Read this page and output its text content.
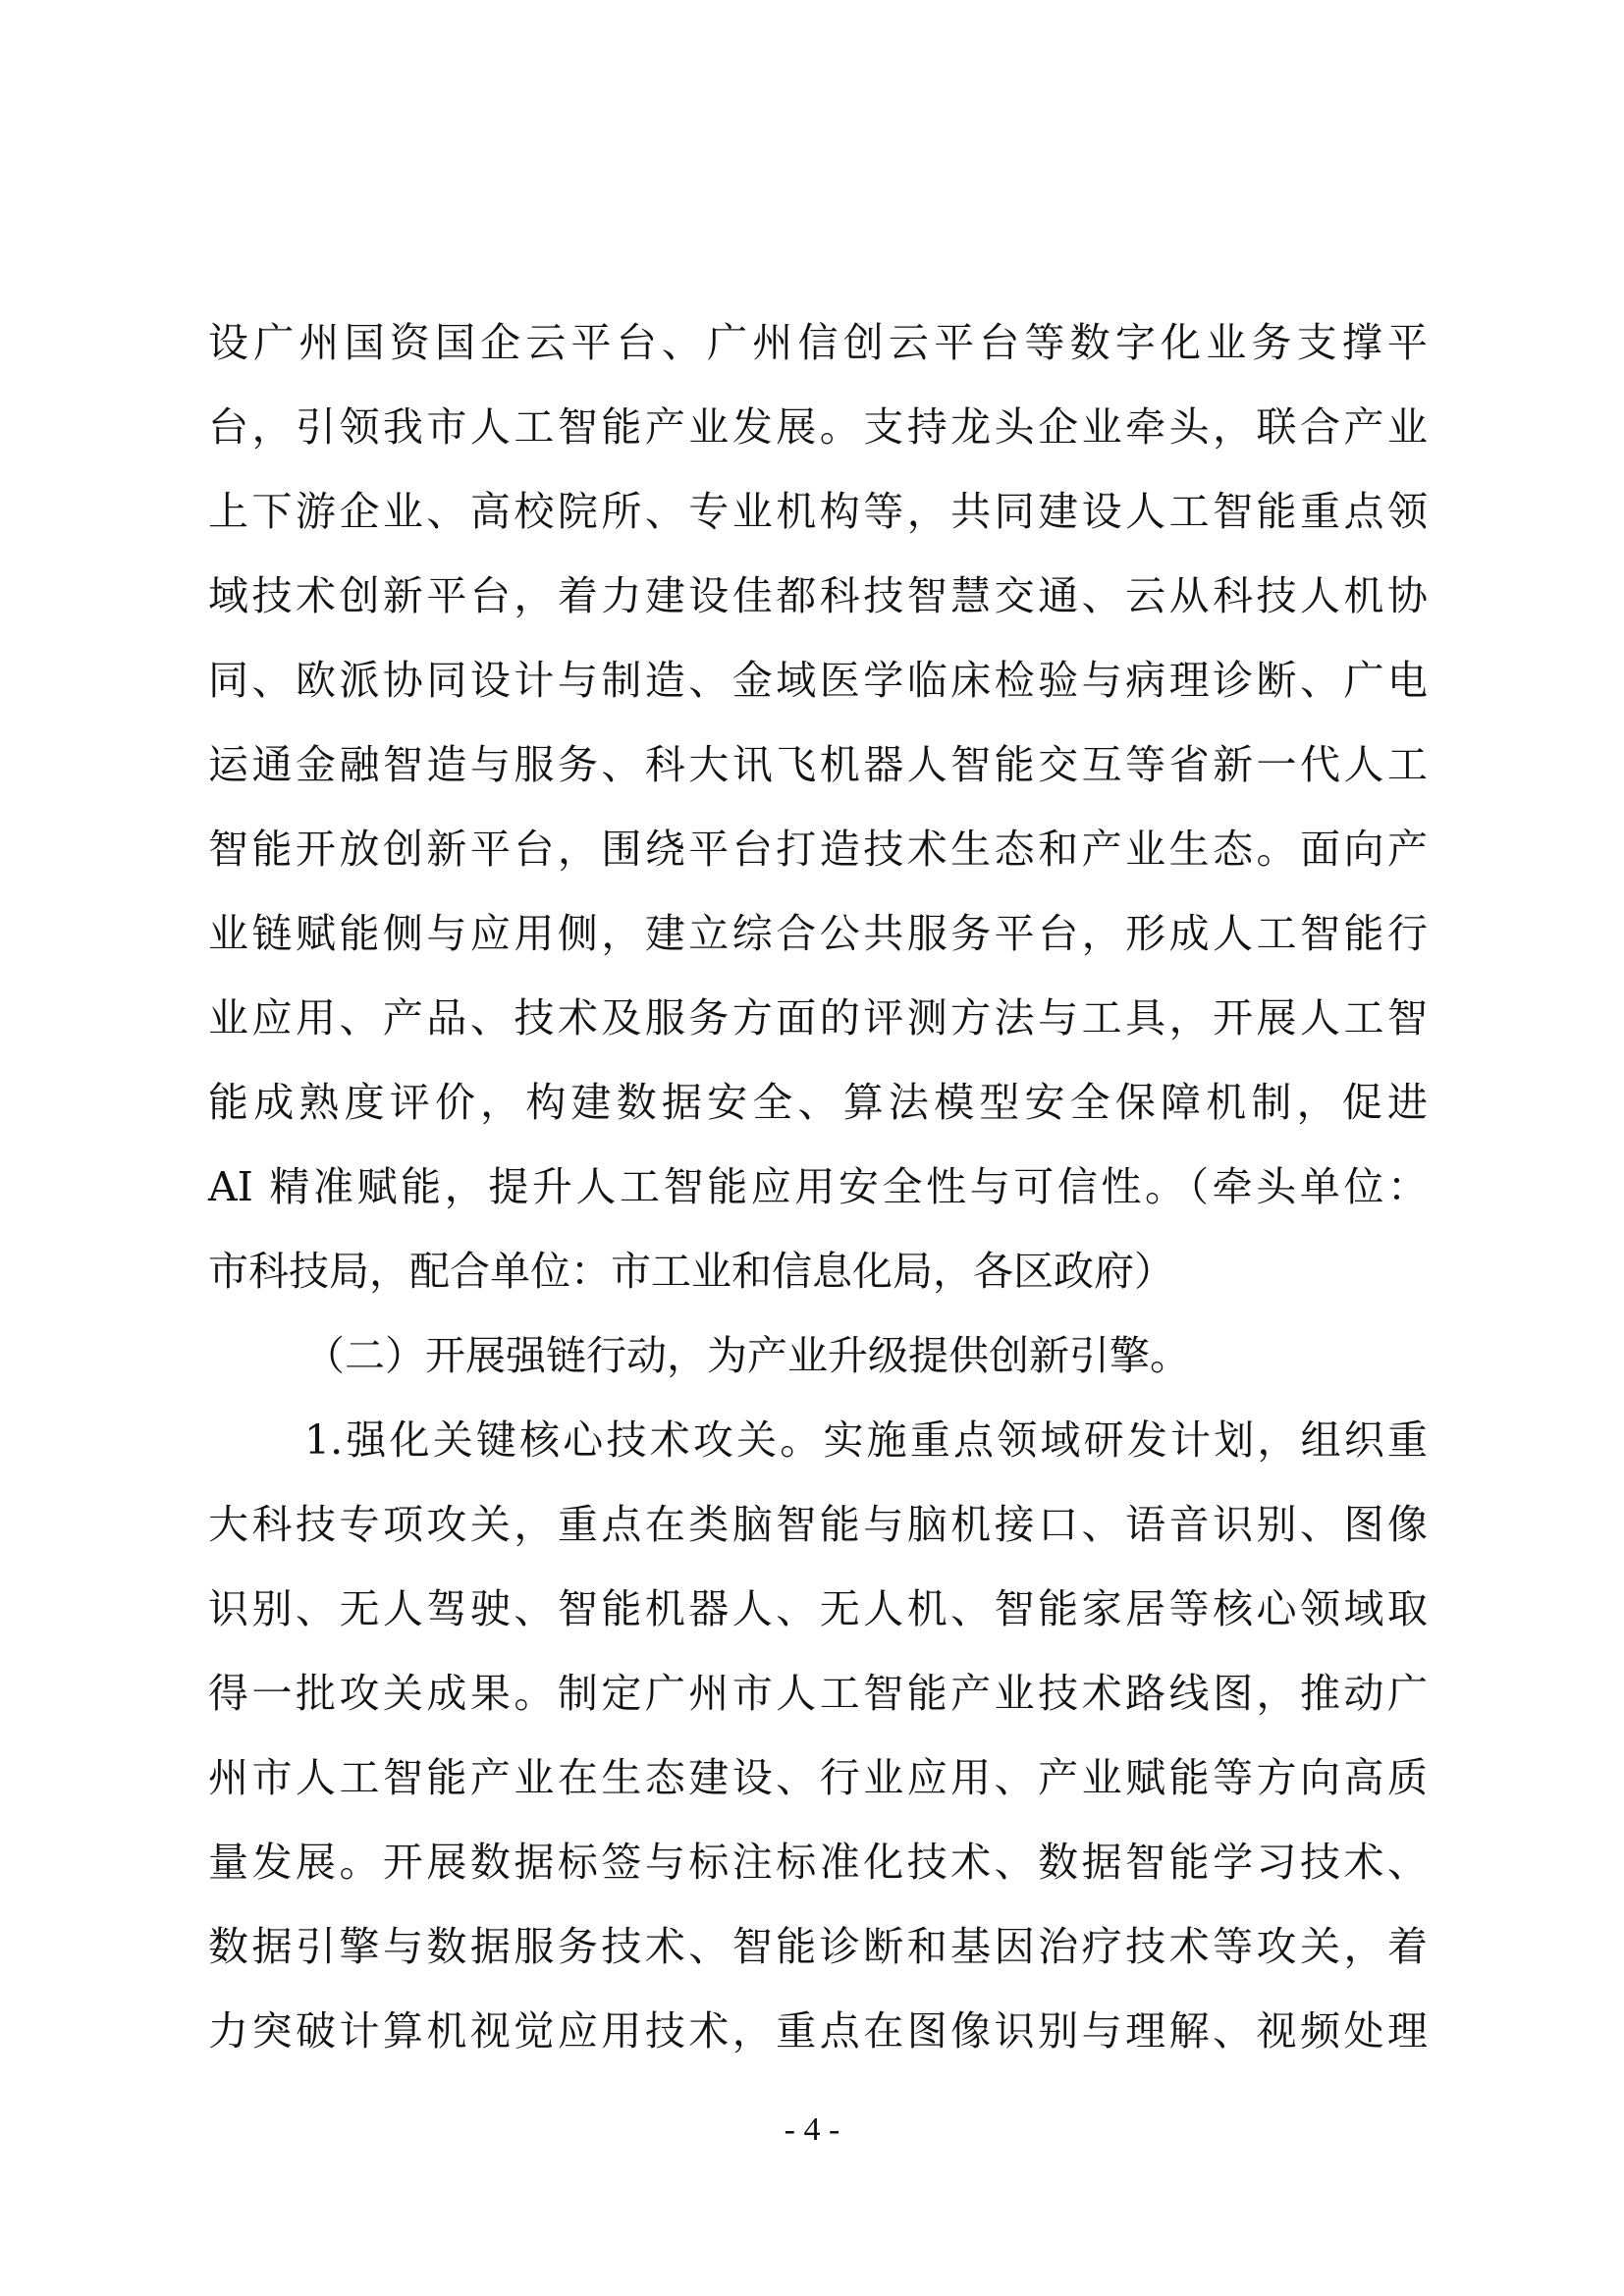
设广州国资国企云平台、广州信创云平台等数字化业务支撑平
台，引领我市人工智能产业发展。支持龙头企业牵头，联合产业
上下游企业、高校院所、专业机构等，共同建设人工智能重点领
域技术创新平台，着力建设佳都科技智慧交通、云从科技人机协
同、欧派协同设计与制造、金域医学临床检验与病理诊断、广电
运通金融智造与服务、科大讯飞机器人智能交互等省新一代人工
智能开放创新平台，围绕平台打造技术生态和产业生态。面向产
业链赋能侧与应用侧，建立综合公共服务平台，形成人工智能行
业应用、产品、技术及服务方面的评测方法与工具，开展人工智
能成熟度评价，构建数据安全、算法模型安全保障机制，促进
AI 精准赋能，提升人工智能应用安全性与可信性。（牵头单位：
市科技局，配合单位：市工业和信息化局，各区政府）
（二）开展强链行动，为产业升级提供创新引擎。
1.强化关键核心技术攻关。实施重点领域研发计划，组织重
大科技专项攻关，重点在类脑智能与脑机接口、语音识别、图像
识别、无人驾驶、智能机器人、无人机、智能家居等核心领域取
得一批攻关成果。制定广州市人工智能产业技术路线图，推动广
州市人工智能产业在生态建设、行业应用、产业赋能等方向高质
量发展。开展数据标签与标注标准化技术、数据智能学习技术、
数据引擎与数据服务技术、智能诊断和基因治疗技术等攻关，着
力突破计算机视觉应用技术，重点在图像识别与理解、视频处理
- 4 -
